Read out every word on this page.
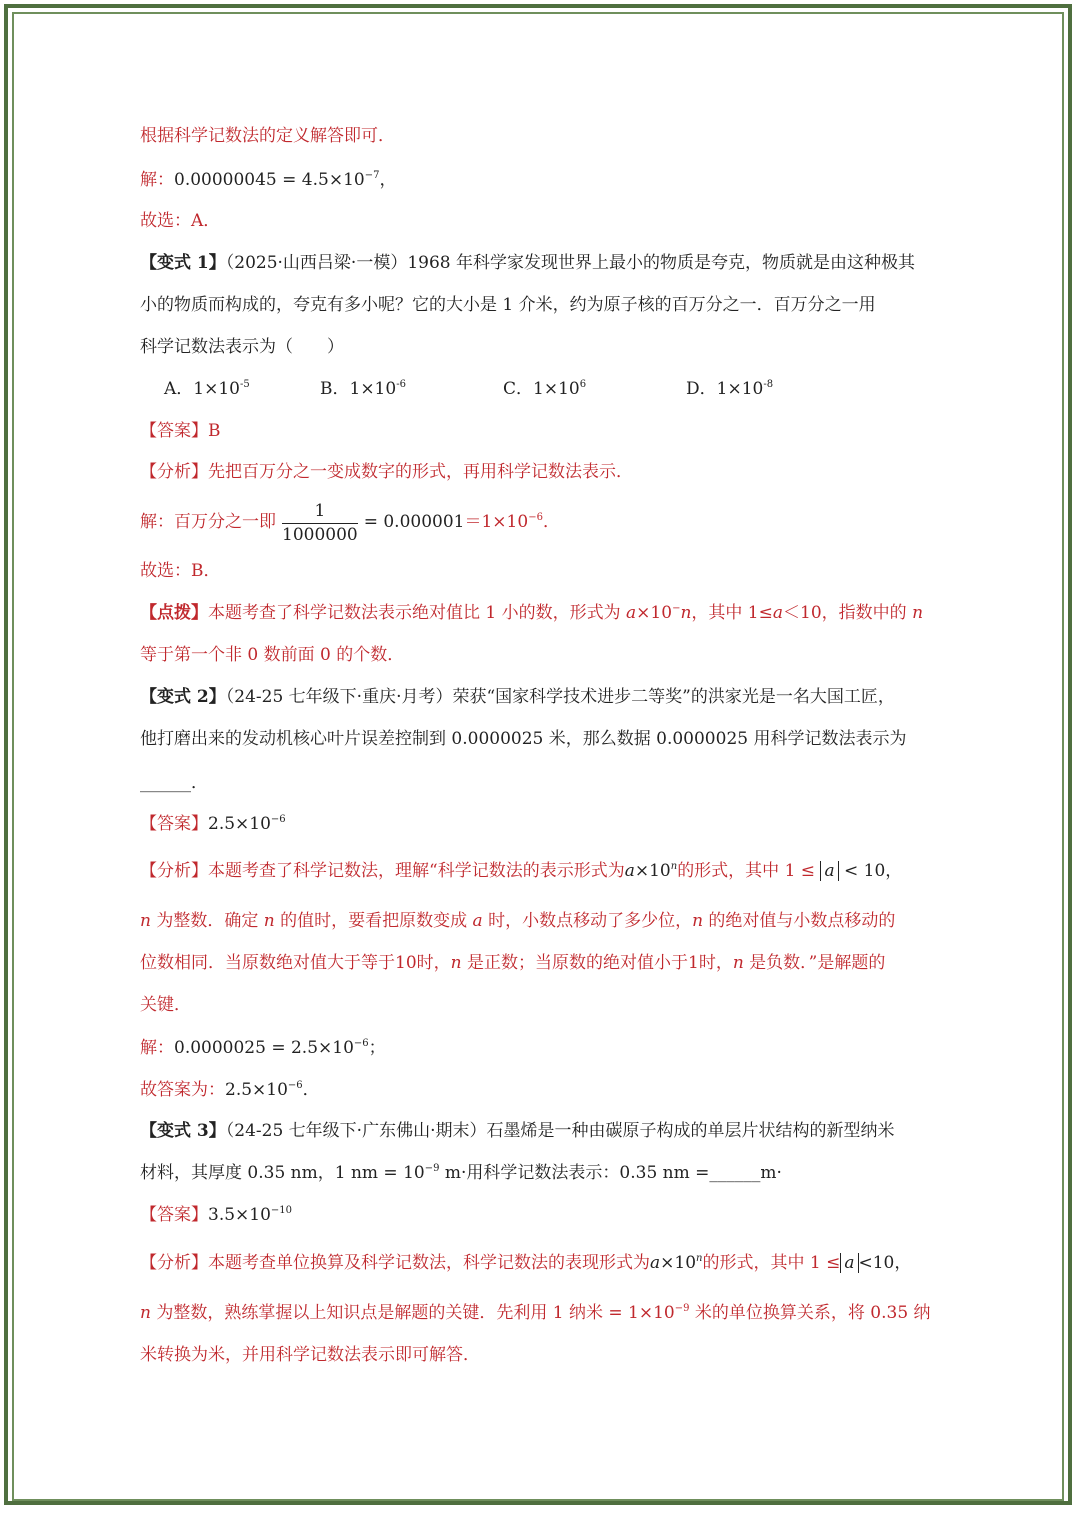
根据科学记数法的定义解答即可．
解：$0.00000045 = 4.5\times 10^{-7}$，
故选：A．
【变式 1】（2025·山西吕梁·一模）1968 年科学家发现世界上最小的物质是夸克，物质就是由这种极其
小的物质而构成的，夸克有多小呢？它的大小是 1 介米，约为原子核的百万分之一．百万分之一用
科学记数法表示为（　　）
A．$1\times 10^{-5}$	B．$1\times 10^{-6}$	C．$1\times 10^6$	D．$1\times 10^{-8}$
【答案】B
【分析】先把百万分之一变成数字的形式，再用科学记数法表示．
解：百万分之一即 $\frac{1}{1000000} = 0.000001=1\times 10^{-6}$．
故选：B．
【点拨】本题考查了科学记数法表示绝对值比 1 小的数，形式为 a×10−n，其中 1≤a＜10，指数中的 n
等于第一个非 0 数前面 0 的个数．
【变式 2】（24-25 七年级下·重庆·月考）荣获“国家科学技术进步二等奖”的洪家光是一名大国工匠，
他打磨出来的发动机核心叶片误差控制到 0.0000025 米，那么数据 0.0000025 用科学记数法表示为
______．
【答案】$2.5\times 10^{-6}$
【分析】本题考查了科学记数法，理解“科学记数法的表示形式为$a\times 10^n$的形式，其中 1 ≤ a < 10，
n 为整数．确定 n 的值时，要看把原数变成 a 时，小数点移动了多少位，n 的绝对值与小数点移动的
位数相同．当原数绝对值大于等于10时，n 是正数；当原数的绝对值小于1时，n 是负数．”是解题的
关键．
解：$0.0000025 = 2.5\times 10^{-6}$；
故答案为：$2.5\times 10^{-6}$．
【变式 3】（24-25 七年级下·广东佛山·期末）石墨烯是一种由碳原子构成的单层片状结构的新型纳米
材料，其厚度 0.35 nm，1 nm = $10^{-9}$ m·用科学记数法表示：0.35 nm =______m·
【答案】$3.5\times 10^{-10}$
【分析】本题考查单位换算及科学记数法，科学记数法的表现形式为$a\times 10^n$的形式，其中 1 ≤ a <10，
n 为整数，熟练掌握以上知识点是解题的关键．先利用 1 纳米 = $1\times 10^{-9}$ 米的单位换算关系，将 0.35 纳
米转换为米，并用科学记数法表示即可解答．
